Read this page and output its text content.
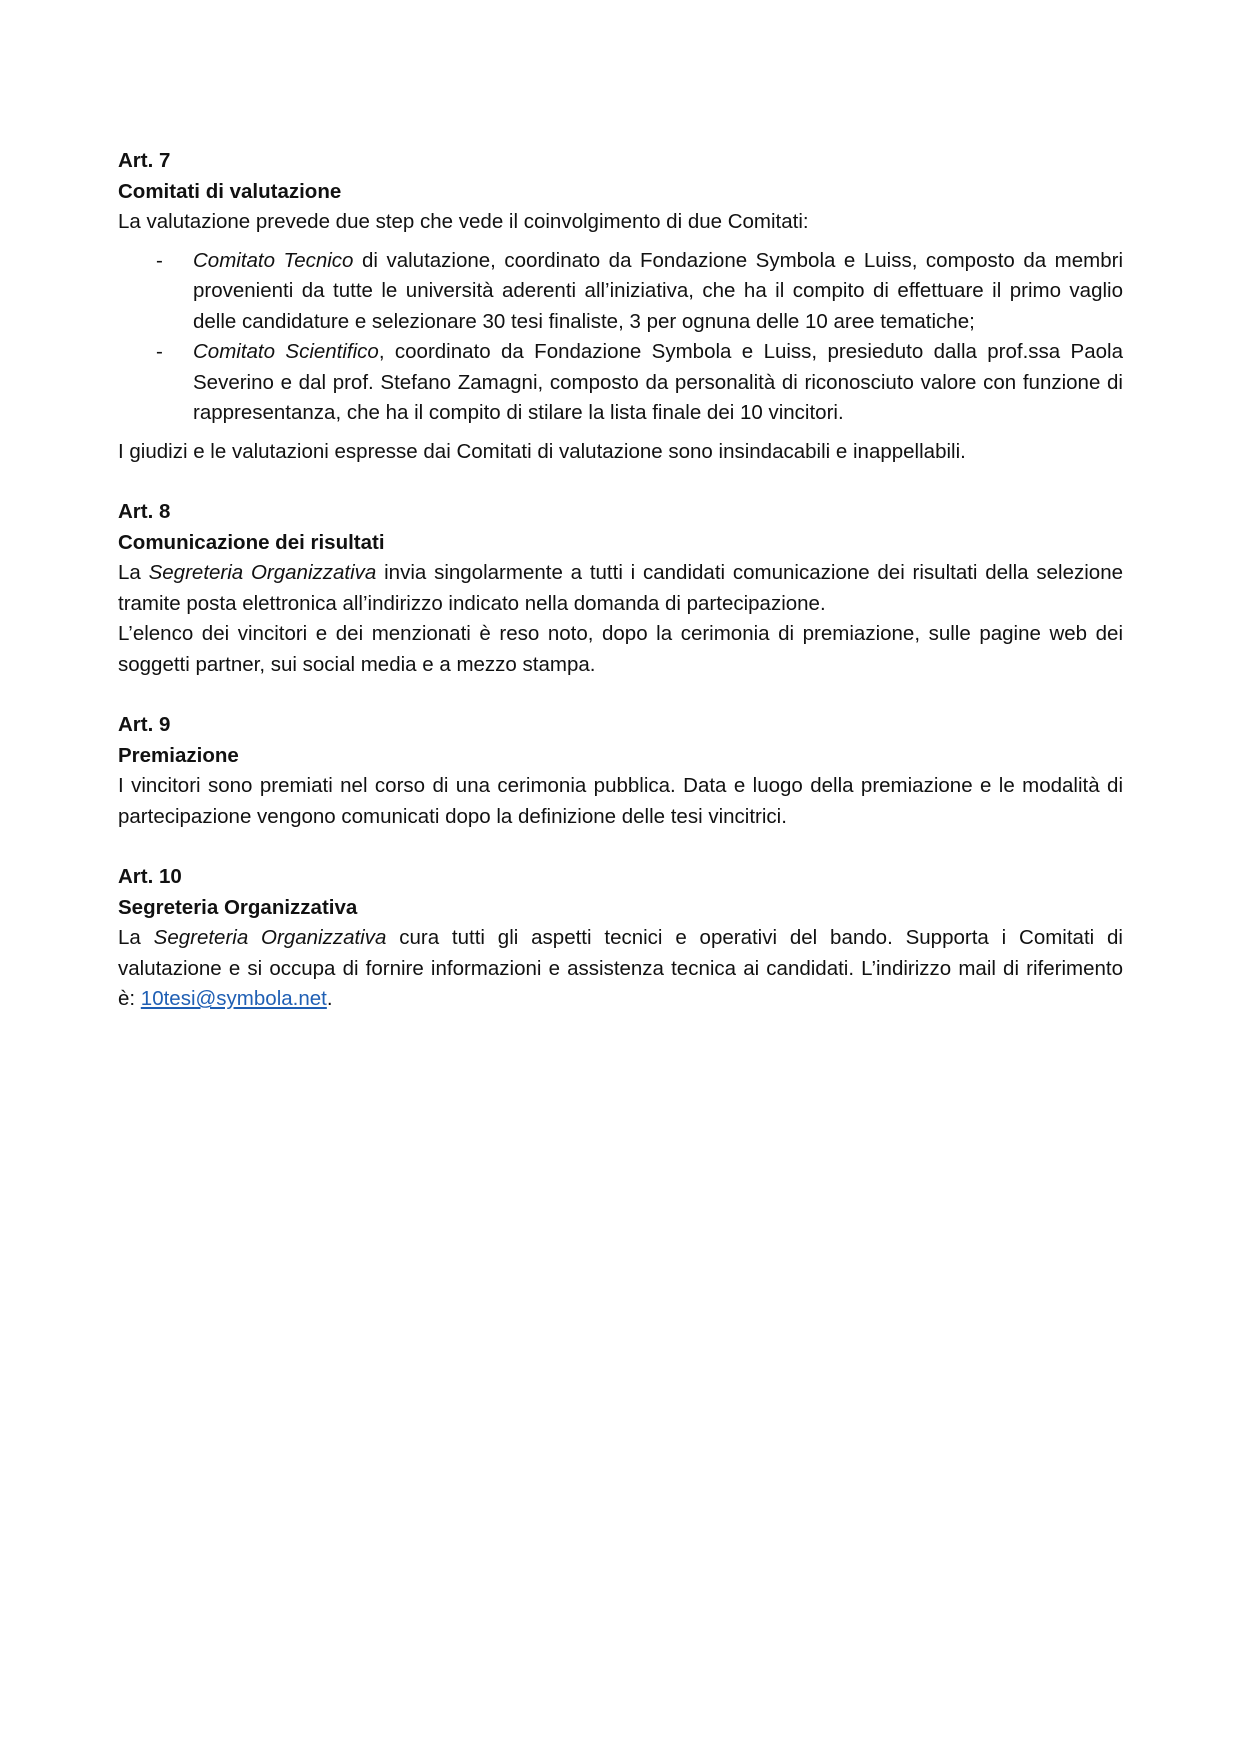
Art. 7
Comitati di valutazione

La valutazione prevede due step che vede il coinvolgimento di due Comitati:

- Comitato Tecnico di valutazione, coordinato da Fondazione Symbola e Luiss, composto da membri provenienti da tutte le università aderenti all’iniziativa, che ha il compito di effettuare il primo vaglio delle candidature e selezionare 30 tesi finaliste, 3 per ognuna delle 10 aree tematiche;
- Comitato Scientifico, coordinato da Fondazione Symbola e Luiss, presieduto dalla prof.ssa Paola Severino e dal prof. Stefano Zamagni, composto da personalità di riconosciuto valore con funzione di rappresentanza, che ha il compito di stilare la lista finale dei 10 vincitori.

I giudizi e le valutazioni espresse dai Comitati di valutazione sono insindacabili e inappellabili.

Art. 8
Comunicazione dei risultati

La Segreteria Organizzativa invia singolarmente a tutti i candidati comunicazione dei risultati della selezione tramite posta elettronica all’indirizzo indicato nella domanda di partecipazione.

L’elenco dei vincitori e dei menzionati è reso noto, dopo la cerimonia di premiazione, sulle pagine web dei soggetti partner, sui social media e a mezzo stampa.

Art. 9
Premiazione

I vincitori sono premiati nel corso di una cerimonia pubblica. Data e luogo della premiazione e le modalità di partecipazione vengono comunicati dopo la definizione delle tesi vincitrici.

Art. 10
Segreteria Organizzativa

La Segreteria Organizzativa cura tutti gli aspetti tecnici e operativi del bando. Supporta i Comitati di valutazione e si occupa di fornire informazioni e assistenza tecnica ai candidati. L’indirizzo mail di riferimento è: 10tesi@symbola.net.
